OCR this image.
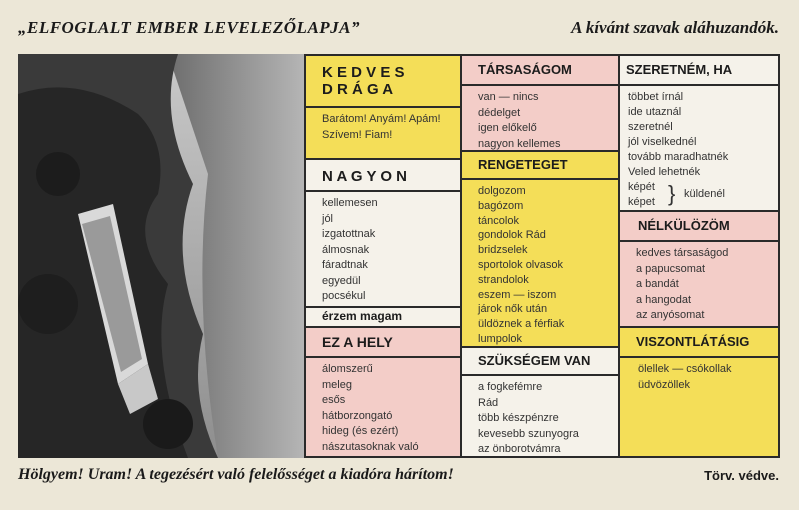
„ELFOGLALT EMBER LEVELEZŐLAPJA”	A kívánt szavak aláhuzandók.
K E D V E S
D R Á G A
Barátom! Anyám! Apám!
Szívem! Fiam!
N A G Y O N
kellemesen
jól
izgatottnak
álmosnak
fáradtnak
egyedül
pocsékul
érzem magam
EZ A HELY
álomszerű
meleg
esős
hátborzongató
hideg (és ezért)
nászutasoknak való
TÁRSASÁGOM
van — nincs
dédelget
igen előkelő
nagyon kellemes
RENGETEGET
dolgozom
bagózom
táncolok
gondolok Rád
bridzselek
sportolok olvasok
strandolok
eszem — iszom
járok nők után
üldöznek a férfiak
lumpolok
SZÜKSÉGEM VAN
a fogkefémre
Rád
több készpénzre
kevesebb szunyogra
az önborotvámra
SZERETNÉM, HA
többet írnál
ide utaznál
szeretnél
jól viselkednél
tovább maradhatnék
Veled lehetnék
képét
képet } küldenél
NÉLKÜLÖZÖM
kedves társaságod
a papucsomat
a bandát
a hangodat
az anyósomat
VISZONTLÁTÁSIG
ölellek — csókollak
üdvözöllek
Hölgyem! Uram! A tegezésért való felelősséget a kiadóra hárítom!	Törv. védve.
